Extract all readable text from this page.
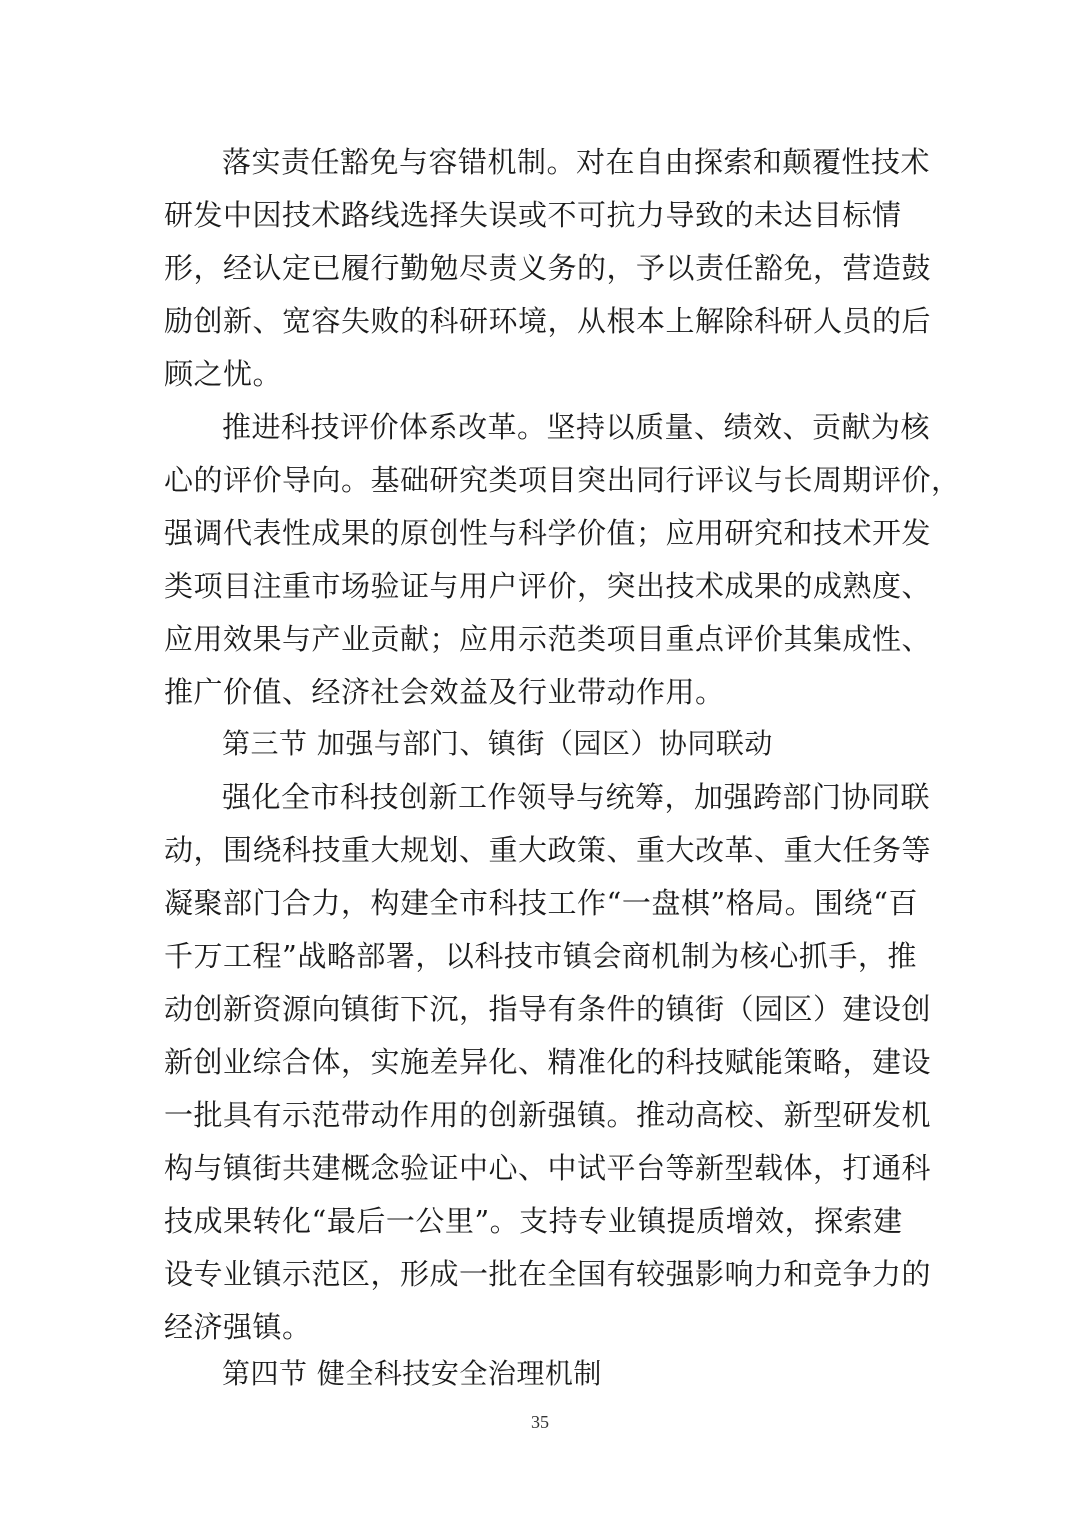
落实责任豁免与容错机制。对在自由探索和颠覆性技术
研发中因技术路线选择失误或不可抗力导致的未达目标情
形，经认定已履行勤勉尽责义务的，予以责任豁免，营造鼓
励创新、宽容失败的科研环境，从根本上解除科研人员的后
顾之忧。
推进科技评价体系改革。坚持以质量、绩效、贡献为核
心的评价导向。基础研究类项目突出同行评议与长周期评价，
强调代表性成果的原创性与科学价值；应用研究和技术开发
类项目注重市场验证与用户评价，突出技术成果的成熟度、
应用效果与产业贡献；应用示范类项目重点评价其集成性、
推广价值、经济社会效益及行业带动作用。
第三节 加强与部门、镇街（园区）协同联动
强化全市科技创新工作领导与统筹，加强跨部门协同联
动，围绕科技重大规划、重大政策、重大改革、重大任务等
凝聚部门合力，构建全市科技工作“一盘棋”格局。围绕“百
千万工程”战略部署，以科技市镇会商机制为核心抓手，推
动创新资源向镇街下沉，指导有条件的镇街（园区）建设创
新创业综合体，实施差异化、精准化的科技赋能策略，建设
一批具有示范带动作用的创新强镇。推动高校、新型研发机
构与镇街共建概念验证中心、中试平台等新型载体，打通科
技成果转化“最后一公里”。支持专业镇提质增效，探索建
设专业镇示范区，形成一批在全国有较强影响力和竞争力的
经济强镇。
第四节 健全科技安全治理机制
35
